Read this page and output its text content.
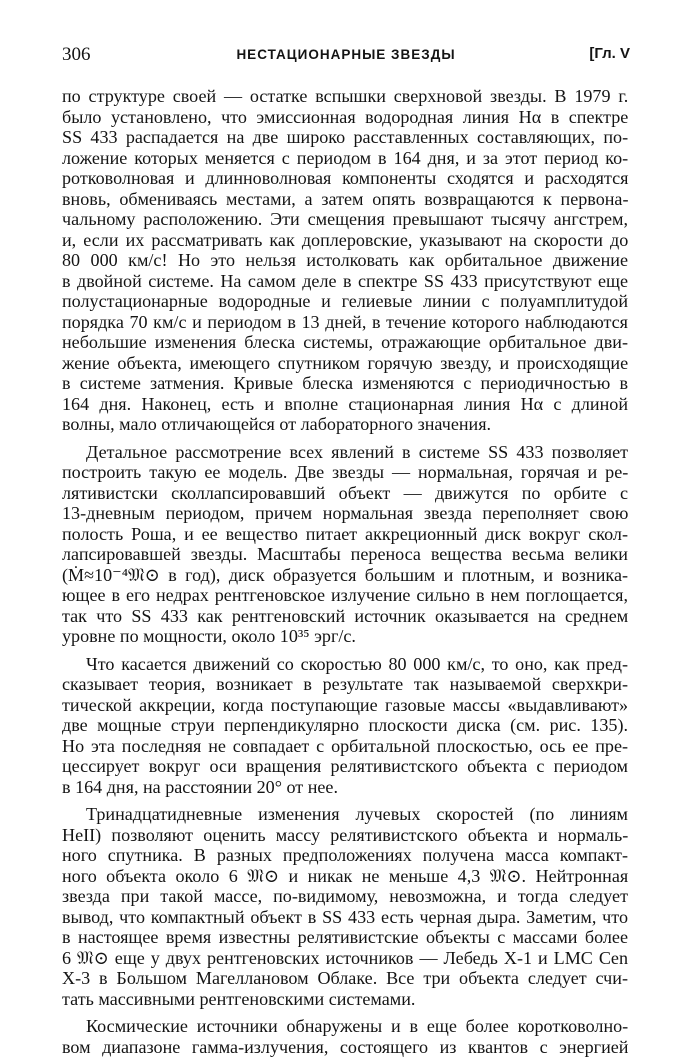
306	НЕСТАЦИОНАРНЫЕ ЗВЕЗДЫ	[Гл. V
по структуре своей — остатке вспышки сверхновой звезды. В 1979 г.
было установлено, что эмиссионная водородная линия Hα в спектре
SS 433 распадается на две широко расставленных составляющих, по-
ложение которых меняется с периодом в 164 дня, и за этот период ко-
ротковолновая и длинноволновая компоненты сходятся и расходятся
вновь, обмениваясь местами, а затем опять возвращаются к первона-
чальному расположению. Эти смещения превышают тысячу ангстрем,
и, если их рассматривать как доплеровские, указывают на скорости до
80 000 км/с! Но это нельзя истолковать как орбитальное движение
в двойной системе. На самом деле в спектре SS 433 присутствуют еще
полустационарные водородные и гелиевые линии с полуамплитудой
порядка 70 км/с и периодом в 13 дней, в течение которого наблюдаются
небольшие изменения блеска системы, отражающие орбитальное дви-
жение объекта, имеющего спутником горячую звезду, и происходящие
в системе затмения. Кривые блеска изменяются с периодичностью в
164 дня. Наконец, есть и вполне стационарная линия Hα с длиной
волны, мало отличающейся от лабораторного значения.
Детальное рассмотрение всех явлений в системе SS 433 позволяет
построить такую ее модель. Две звезды — нормальная, горячая и ре-
лятивистски сколлапсировавший объект — движутся по орбите с
13-дневным периодом, причем нормальная звезда переполняет свою
полость Роша, и ее вещество питает аккреционный диск вокруг скол-
лапсировавшей звезды. Масштабы переноса вещества весьма велики
(Ṁ≈10⁻⁴𝔐⊙ в год), диск образуется большим и плотным, и возника-
ющее в его недрах рентгеновское излучение сильно в нем поглощается,
так что SS 433 как рентгеновский источник оказывается на среднем
уровне по мощности, около 10³⁵ эрг/с.
Что касается движений со скоростью 80 000 км/с, то оно, как пред-
сказывает теория, возникает в результате так называемой сверхкри-
тической аккреции, когда поступающие газовые массы «выдавливают»
две мощные струи перпендикулярно плоскости диска (см. рис. 135).
Но эта последняя не совпадает с орбитальной плоскостью, ось ее пре-
цессирует вокруг оси вращения релятивистского объекта с периодом
в 164 дня, на расстоянии 20° от нее.
Тринадцатидневные изменения лучевых скоростей (по линиям
HeII) позволяют оценить массу релятивистского объекта и нормаль-
ного спутника. В разных предположениях получена масса компакт-
ного объекта около 6 𝔐⊙ и никак не меньше 4,3 𝔐⊙. Нейтронная
звезда при такой массе, по-видимому, невозможна, и тогда следует
вывод, что компактный объект в SS 433 есть черная дыра. Заметим, что
в настоящее время известны релятивистские объекты с массами более
6 𝔐⊙ еще у двух рентгеновских источников — Лебедь X-1 и LMC Cen
X-3 в Большом Магеллановом Облаке. Все три объекта следует счи-
тать массивными рентгеновскими системами.
Космические источники обнаружены и в еще более коротковолно-
вом диапазоне гамма-излучения, состоящего из квантов с энергией
